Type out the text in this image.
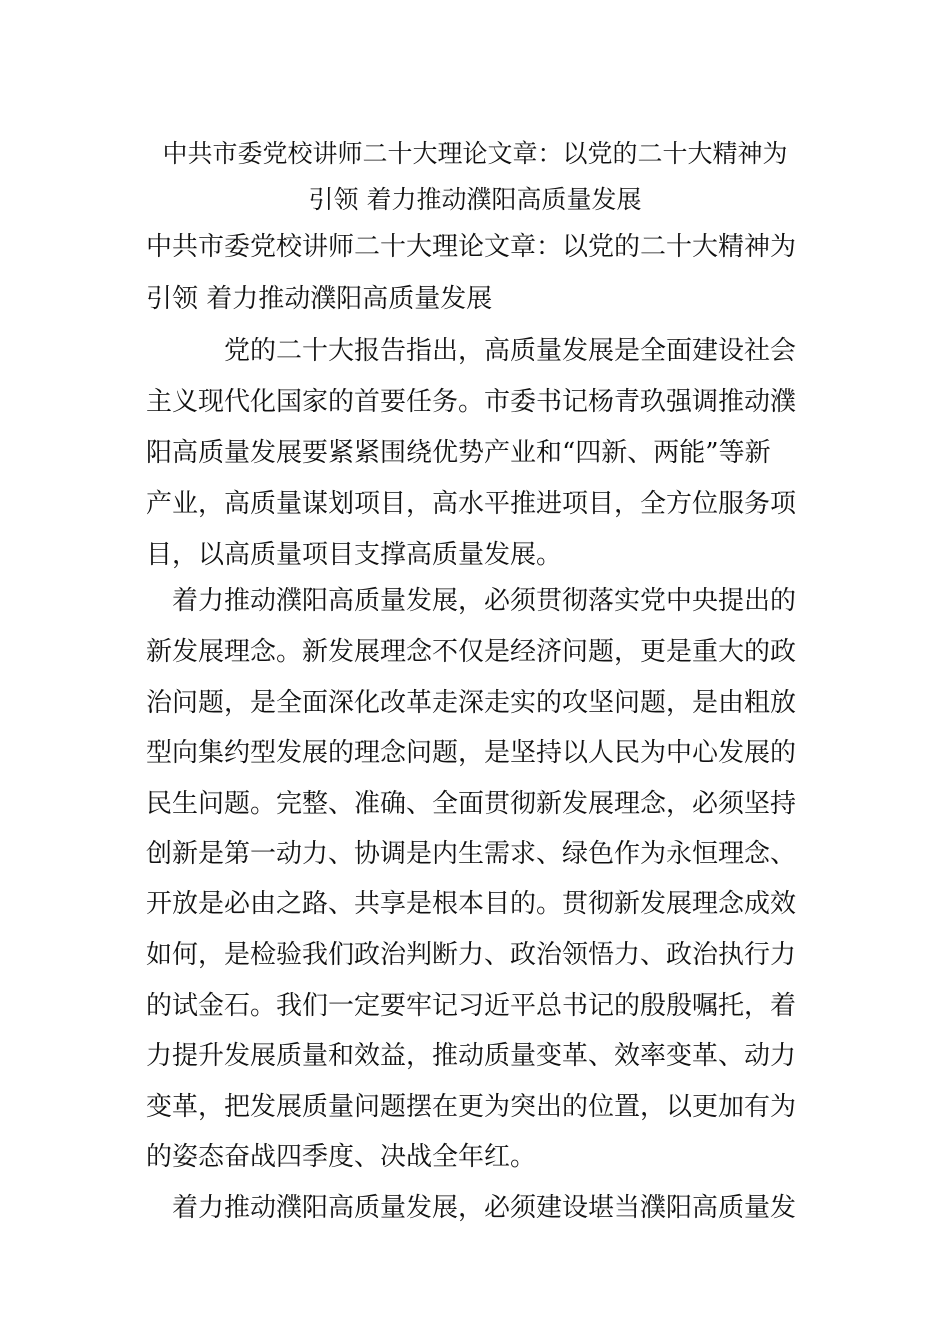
中共市委党校讲师二十大理论文章：以党的二十大精神为
引领 着力推动濮阳高质量发展

中共市委党校讲师二十大理论文章：以党的二十大精神为

引领 着力推动濮阳高质量发展

　　　党的二十大报告指出，高质量发展是全面建设社会

主义现代化国家的首要任务。市委书记杨青玖强调推动濮

阳高质量发展要紧紧围绕优势产业和“四新、两能”等新

产业，高质量谋划项目，高水平推进项目，全方位服务项

目，以高质量项目支撑高质量发展。

　着力推动濮阳高质量发展，必须贯彻落实党中央提出的

新发展理念。新发展理念不仅是经济问题，更是重大的政

治问题，是全面深化改革走深走实的攻坚问题，是由粗放

型向集约型发展的理念问题，是坚持以人民为中心发展的

民生问题。完整、准确、全面贯彻新发展理念，必须坚持

创新是第一动力、协调是内生需求、绿色作为永恒理念、

开放是必由之路、共享是根本目的。贯彻新发展理念成效

如何，是检验我们政治判断力、政治领悟力、政治执行力

的试金石。我们一定要牢记习近平总书记的殷殷嘱托，着

力提升发展质量和效益，推动质量变革、效率变革、动力

变革，把发展质量问题摆在更为突出的位置，以更加有为

的姿态奋战四季度、决战全年红。

　着力推动濮阳高质量发展，必须建设堪当濮阳高质量发
